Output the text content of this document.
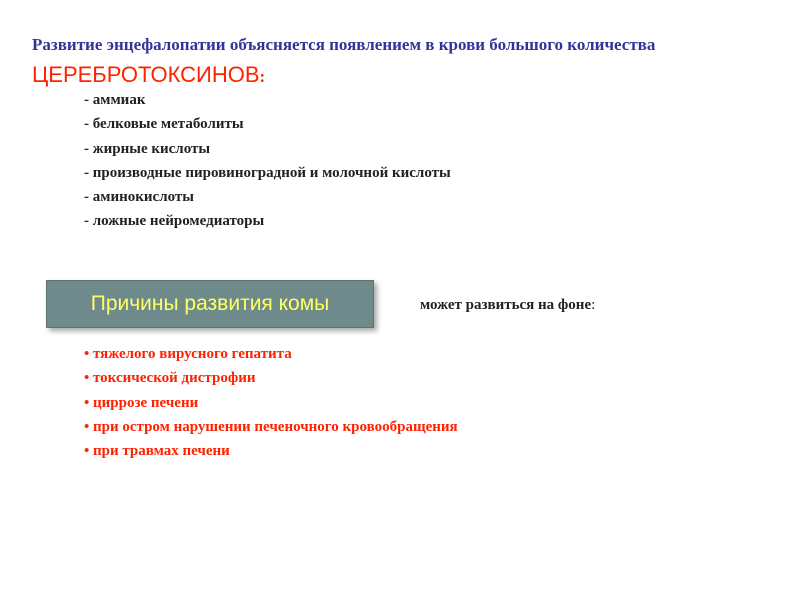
Развитие энцефалопатии объясняется появлением в крови большого количества ЦЕРЕБРОТОКСИНОВ:
- аммиак
- белковые метаболиты
- жирные кислоты
- производные пировиноградной и молочной кислоты
- аминокислоты
- ложные нейромедиаторы
Причины развития комы	может развиться на фоне:
• тяжелого вирусного гепатита
• токсической дистрофии
• циррозе печени
• при остром нарушении печеночного кровообращения
• при травмах печени
